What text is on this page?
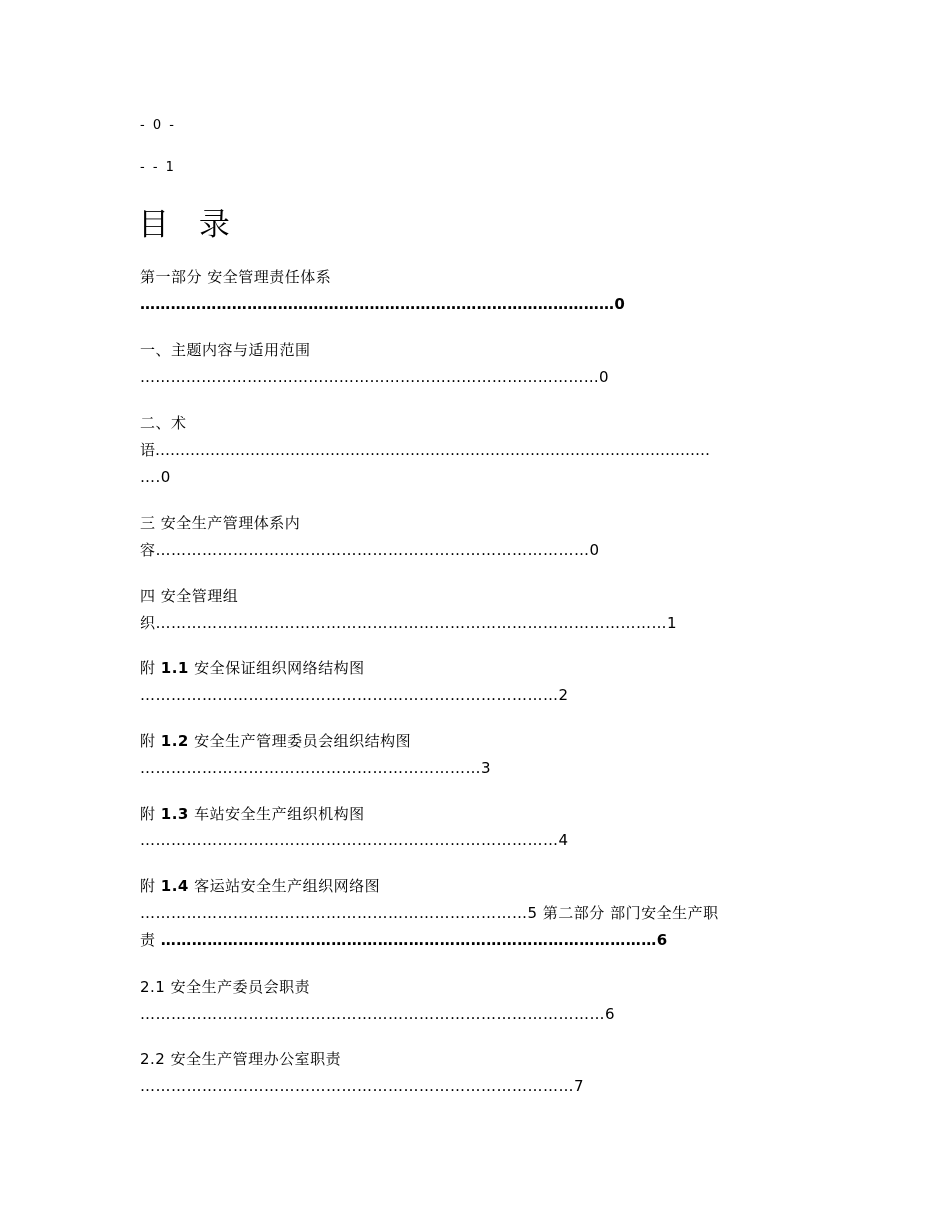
- 0 -
- - 1
目 录
第一部分 安全管理责任体系
…………………………………………………………………………………0
一、主题内容与适用范围
………………………………………………………………………………0
二、术
语…………………………………………………………………………………………………
….0
三 安全生产管理体系内
容…………………………………………………………………………0
四 安全管理组
织………………………………………………………………………………………1
附 1.1 安全保证组织网络结构图
………………………………………………………………………2
附 1.2 安全生产管理委员会组织结构图
…………………………………………………………3
附 1.3 车站安全生产组织机构图
………………………………………………………………………4
附 1.4 客运站安全生产组织网络图
…………………………………………………………………5 第二部分 部门安全生产职
责 ……………………………………………………………………………………6
2.1 安全生产委员会职责
………………………………………………………………………………6
2.2 安全生产管理办公室职责
…………………………………………………………………………7
